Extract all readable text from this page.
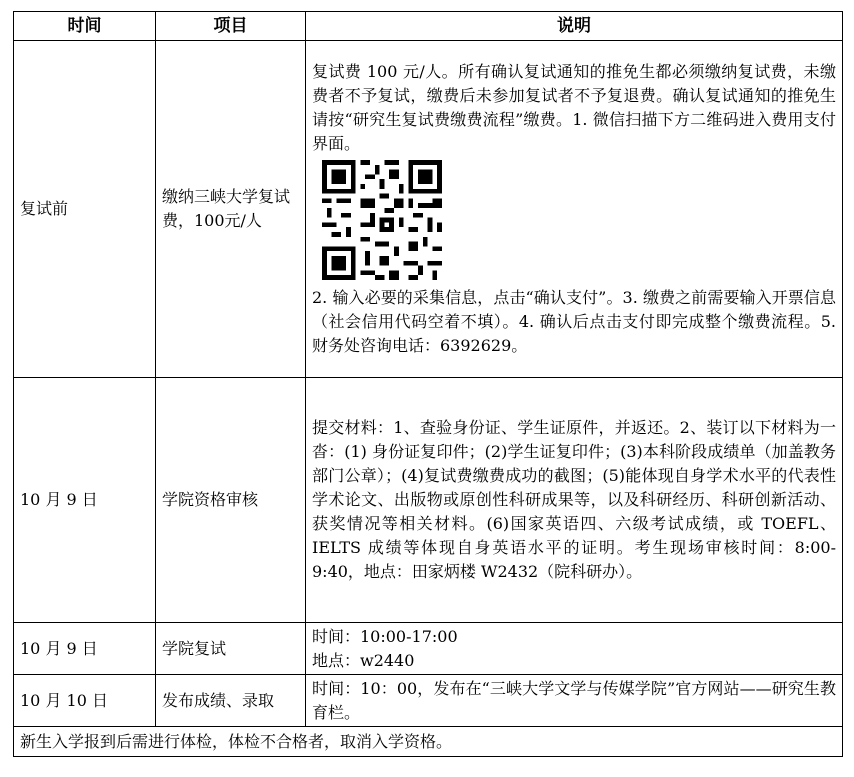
时间	项目	说明
复试前	缴纳三峡大学复试费，100元/人	复试费 100 元/人。所有确认复试通知的推免生都必须缴纳复试费，未缴费者不予复试，缴费后未参加复试者不予复退费。确认复试通知的推免生请按“研究生复试费缴费流程”缴费。1. 微信扫描下方二维码进入费用支付界面。
2. 输入必要的采集信息，点击“确认支付”。3. 缴费之前需要输入开票信息（社会信用代码空着不填）。4. 确认后点击支付即完成整个缴费流程。5. 财务处咨询电话：6392629。

10 月 9 日	学院资格审核	提交材料：1、查验身份证、学生证原件，并返还。2、装订以下材料为一沓：(1) 身份证复印件；(2)学生证复印件；(3)本科阶段成绩单（加盖教务部门公章）；(4)复试费缴费成功的截图；(5)能体现自身学术水平的代表性学术论文、出版物或原创性科研成果等，以及科研经历、科研创新活动、获奖情况等相关材料。(6)国家英语四、六级考试成绩，或 TOEFL、IELTS 成绩等体现自身英语水平的证明。考生现场审核时间：8:00-9:40，地点：田家炳楼 W2432（院科研办）。

10 月 9 日	学院复试	时间：10:00-17:00
地点：w2440

10 月 10 日	发布成绩、录取	时间：10：00，发布在“三峡大学文学与传媒学院”官方网站——研究生教育栏。

新生入学报到后需进行体检，体检不合格者，取消入学资格。		
